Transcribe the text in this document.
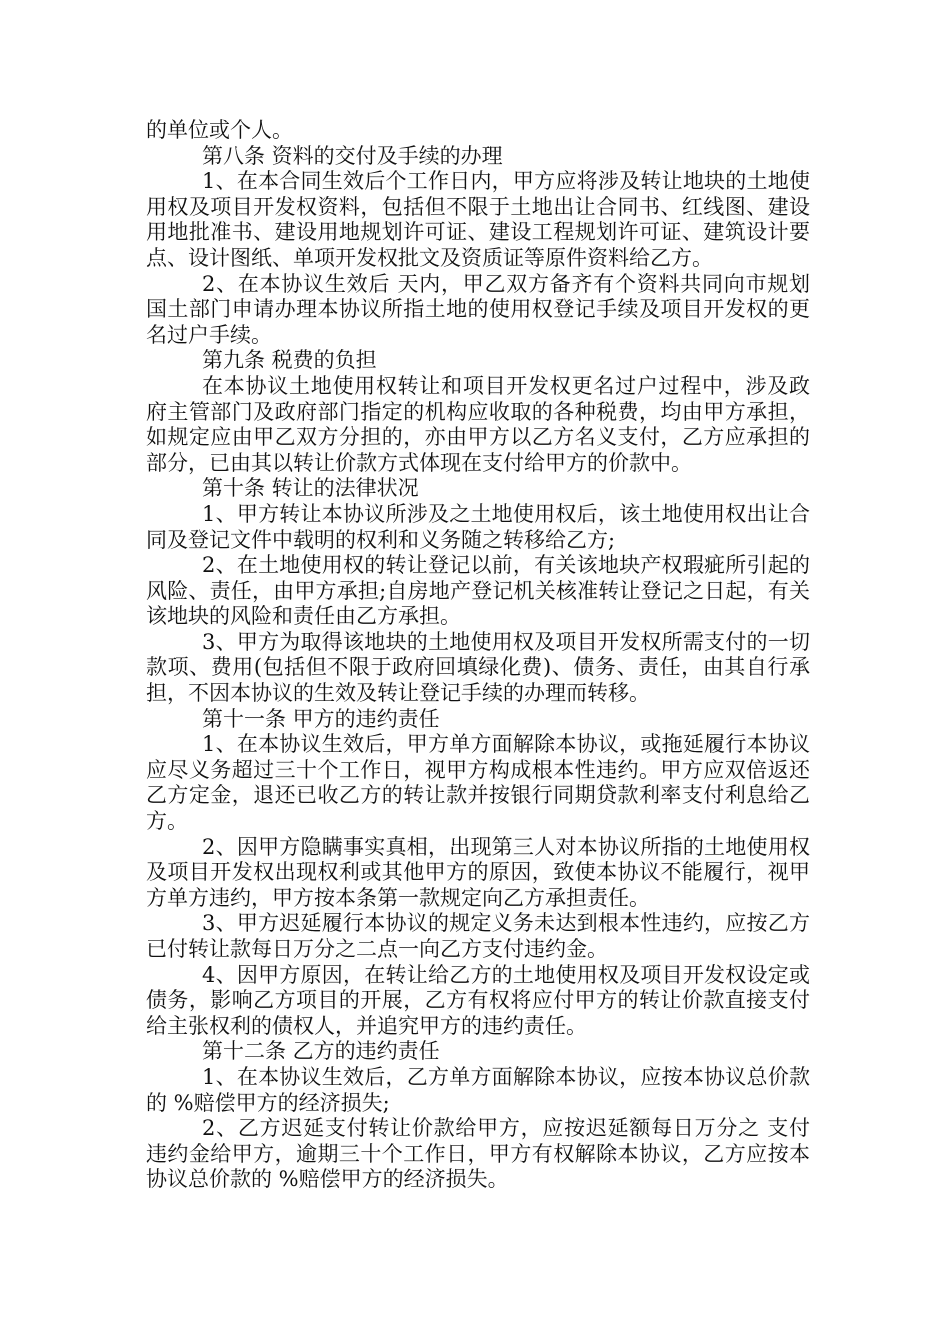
的单位或个人。

第八条 资料的交付及手续的办理

1、在本合同生效后个工作日内，甲方应将涉及转让地块的土地使用权及项目开发权资料，包括但不限于土地出让合同书、红线图、建设用地批准书、建设用地规划许可证、建设工程规划许可证、建筑设计要点、设计图纸、单项开发权批文及资质证等原件资料给乙方。

2、在本协议生效后 天内，甲乙双方备齐有个资料共同向市规划国土部门申请办理本协议所指土地的使用权登记手续及项目开发权的更名过户手续。

第九条 税费的负担

在本协议土地使用权转让和项目开发权更名过户过程中，涉及政府主管部门及政府部门指定的机构应收取的各种税费，均由甲方承担，如规定应由甲乙双方分担的，亦由甲方以乙方名义支付，乙方应承担的部分，已由其以转让价款方式体现在支付给甲方的价款中。

第十条 转让的法律状况

1、甲方转让本协议所涉及之土地使用权后，该土地使用权出让合同及登记文件中载明的权利和义务随之转移给乙方;

2、在土地使用权的转让登记以前，有关该地块产权瑕疵所引起的风险、责任，由甲方承担;自房地产登记机关核准转让登记之日起，有关该地块的风险和责任由乙方承担。

3、甲方为取得该地块的土地使用权及项目开发权所需支付的一切款项、费用(包括但不限于政府回填绿化费)、债务、责任，由其自行承担，不因本协议的生效及转让登记手续的办理而转移。

第十一条 甲方的违约责任

1、在本协议生效后，甲方单方面解除本协议，或拖延履行本协议应尽义务超过三十个工作日，视甲方构成根本性违约。甲方应双倍返还乙方定金，退还已收乙方的转让款并按银行同期贷款利率支付利息给乙方。

2、因甲方隐瞒事实真相，出现第三人对本协议所指的土地使用权及项目开发权出现权利或其他甲方的原因，致使本协议不能履行，视甲方单方违约，甲方按本条第一款规定向乙方承担责任。

3、甲方迟延履行本协议的规定义务未达到根本性违约，应按乙方已付转让款每日万分之二点一向乙方支付违约金。

4、因甲方原因，在转让给乙方的土地使用权及项目开发权设定或债务，影响乙方项目的开展，乙方有权将应付甲方的转让价款直接支付给主张权利的债权人，并追究甲方的违约责任。

第十二条 乙方的违约责任

1、在本协议生效后，乙方单方面解除本协议，应按本协议总价款的 %赔偿甲方的经济损失;

2、乙方迟延支付转让价款给甲方，应按迟延额每日万分之 支付违约金给甲方，逾期三十个工作日，甲方有权解除本协议，乙方应按本协议总价款的 %赔偿甲方的经济损失。
